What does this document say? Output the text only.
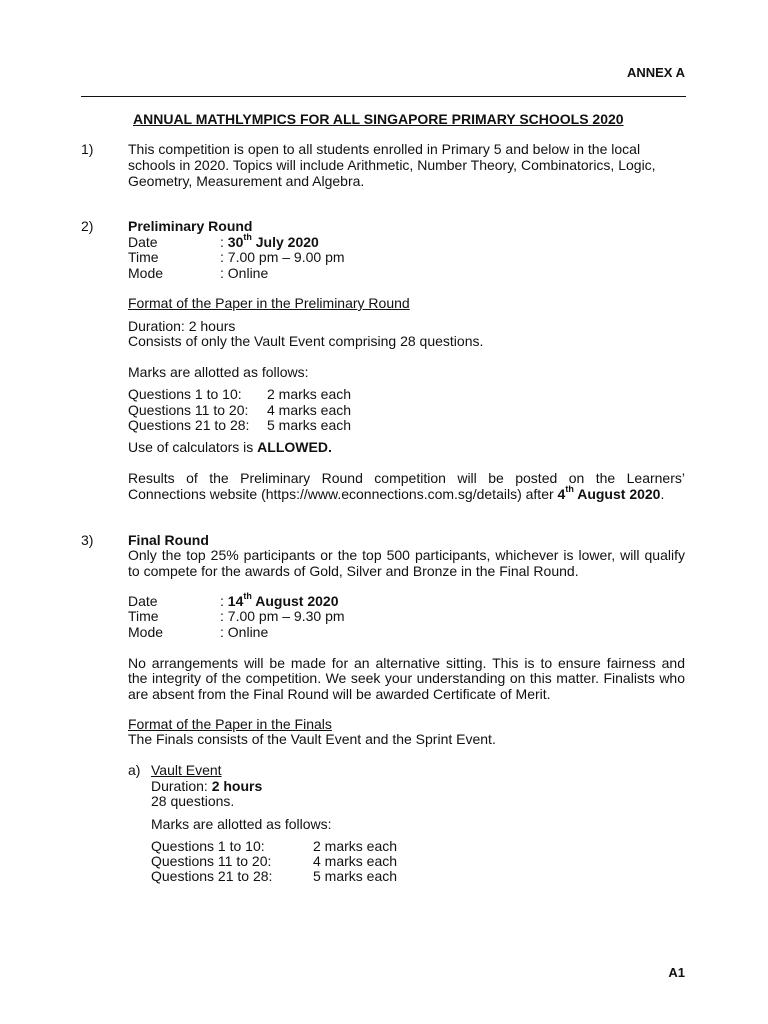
ANNEX A
ANNUAL MATHLYMPICS FOR ALL SINGAPORE PRIMARY SCHOOLS 2020
1) This competition is open to all students enrolled in Primary 5 and below in the local
schools in 2020. Topics will include Arithmetic, Number Theory, Combinatorics, Logic,
Geometry, Measurement and Algebra.
2) Preliminary Round
Date	: 30th July 2020
Time	: 7.00 pm – 9.00 pm
Mode	: Online
Format of the Paper in the Preliminary Round
Duration: 2 hours
Consists of only the Vault Event comprising 28 questions.
Marks are allotted as follows:
Questions 1 to 10: 2 marks each
Questions 11 to 20: 4 marks each
Questions 21 to 28: 5 marks each
Use of calculators is ALLOWED.
Results of the Preliminary Round competition will be posted on the Learners’
Connections website (https://www.econnections.com.sg/details) after 4th August 2020.
3) Final Round
Only the top 25% participants or the top 500 participants, whichever is lower, will qualify
to compete for the awards of Gold, Silver and Bronze in the Final Round.
Date	: 14th August 2020
Time	: 7.00 pm – 9.30 pm
Mode	: Online
No arrangements will be made for an alternative sitting. This is to ensure fairness and
the integrity of the competition. We seek your understanding on this matter. Finalists who
are absent from the Final Round will be awarded Certificate of Merit.
Format of the Paper in the Finals
The Finals consists of the Vault Event and the Sprint Event.
a) Vault Event
Duration: 2 hours
28 questions.
Marks are allotted as follows:
Questions 1 to 10:	2 marks each
Questions 11 to 20:	4 marks each
Questions 21 to 28:	5 marks each
A1
